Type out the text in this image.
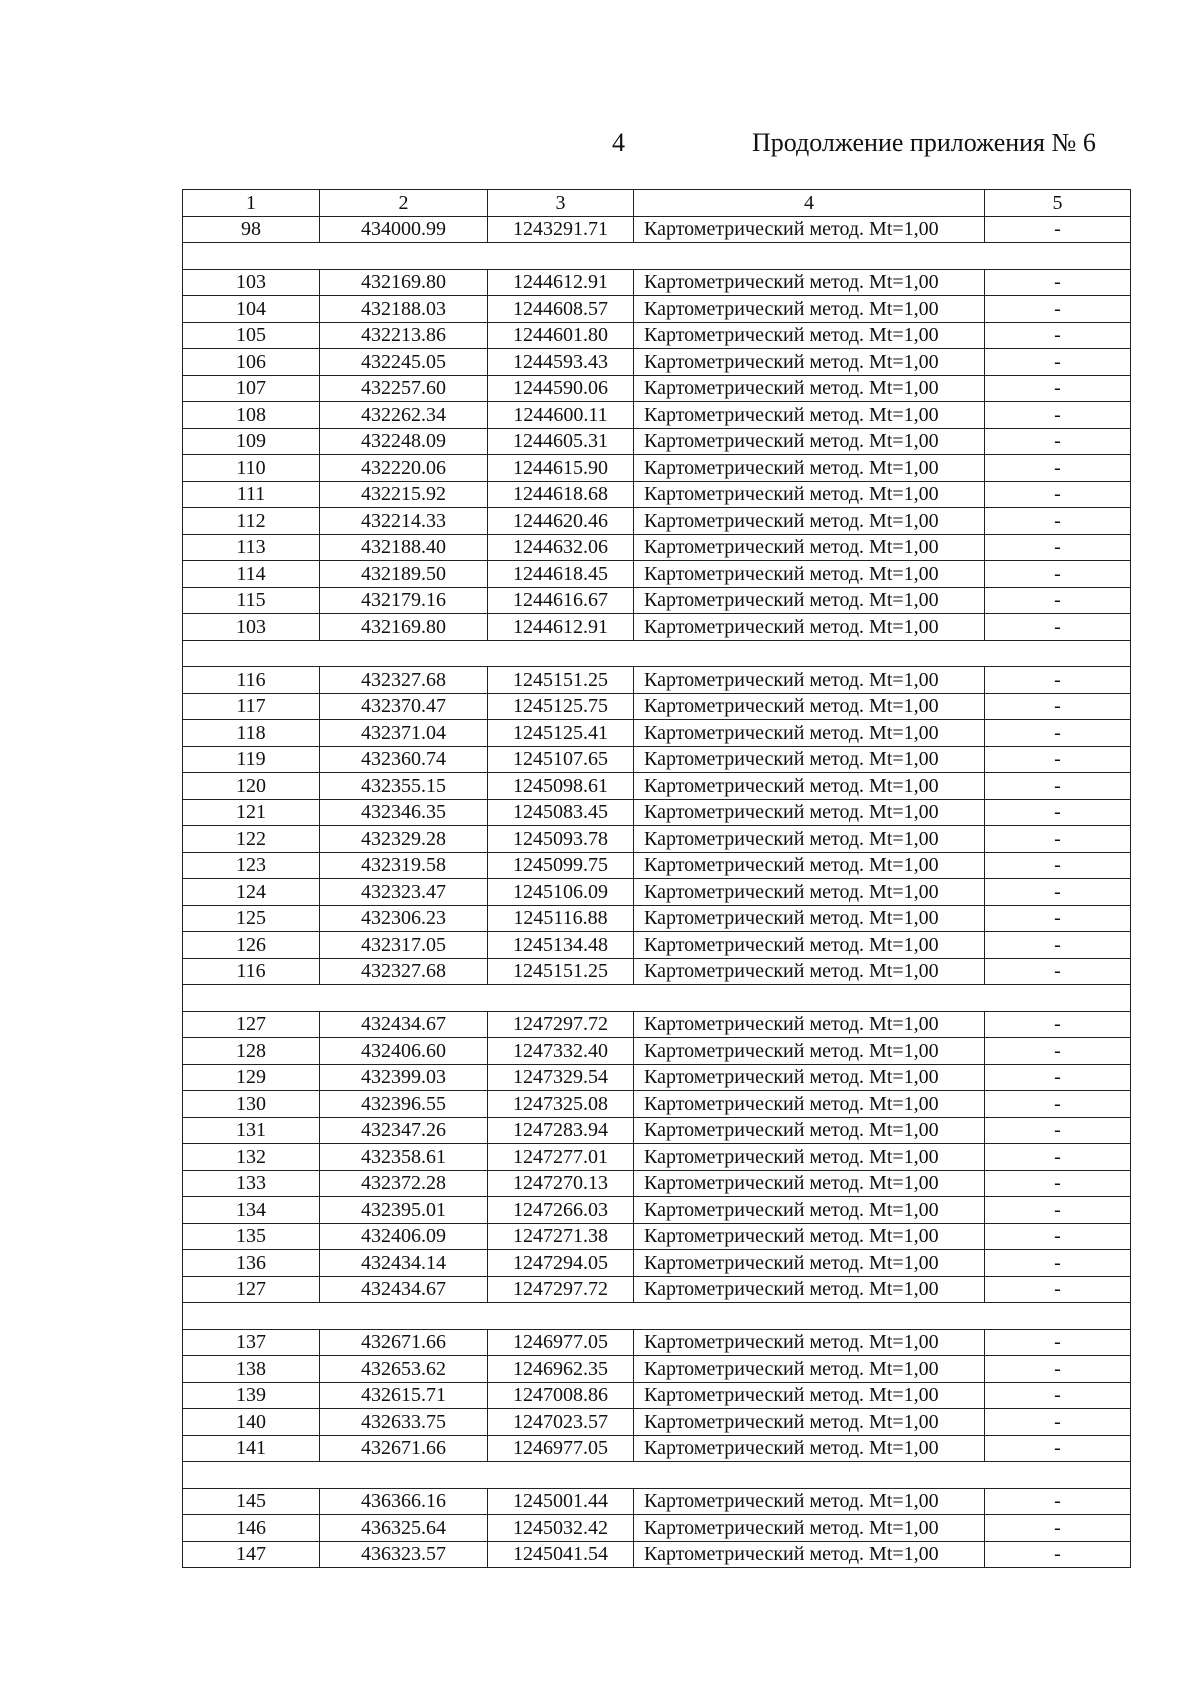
4	Продолжение приложения № 6
1	2	3	4	5
98	434000.99	1243291.71	Картометрический метод. Mt=1,00	-

103	432169.80	1244612.91	Картометрический метод. Mt=1,00	-
104	432188.03	1244608.57	Картометрический метод. Mt=1,00	-
105	432213.86	1244601.80	Картометрический метод. Mt=1,00	-
106	432245.05	1244593.43	Картометрический метод. Mt=1,00	-
107	432257.60	1244590.06	Картометрический метод. Mt=1,00	-
108	432262.34	1244600.11	Картометрический метод. Mt=1,00	-
109	432248.09	1244605.31	Картометрический метод. Mt=1,00	-
110	432220.06	1244615.90	Картометрический метод. Mt=1,00	-
111	432215.92	1244618.68	Картометрический метод. Mt=1,00	-
112	432214.33	1244620.46	Картометрический метод. Mt=1,00	-
113	432188.40	1244632.06	Картометрический метод. Mt=1,00	-
114	432189.50	1244618.45	Картометрический метод. Mt=1,00	-
115	432179.16	1244616.67	Картометрический метод. Mt=1,00	-
103	432169.80	1244612.91	Картометрический метод. Mt=1,00	-

116	432327.68	1245151.25	Картометрический метод. Mt=1,00	-
117	432370.47	1245125.75	Картометрический метод. Mt=1,00	-
118	432371.04	1245125.41	Картометрический метод. Mt=1,00	-
119	432360.74	1245107.65	Картометрический метод. Mt=1,00	-
120	432355.15	1245098.61	Картометрический метод. Mt=1,00	-
121	432346.35	1245083.45	Картометрический метод. Mt=1,00	-
122	432329.28	1245093.78	Картометрический метод. Mt=1,00	-
123	432319.58	1245099.75	Картометрический метод. Mt=1,00	-
124	432323.47	1245106.09	Картометрический метод. Mt=1,00	-
125	432306.23	1245116.88	Картометрический метод. Mt=1,00	-
126	432317.05	1245134.48	Картометрический метод. Mt=1,00	-
116	432327.68	1245151.25	Картометрический метод. Mt=1,00	-

127	432434.67	1247297.72	Картометрический метод. Mt=1,00	-
128	432406.60	1247332.40	Картометрический метод. Mt=1,00	-
129	432399.03	1247329.54	Картометрический метод. Mt=1,00	-
130	432396.55	1247325.08	Картометрический метод. Mt=1,00	-
131	432347.26	1247283.94	Картометрический метод. Mt=1,00	-
132	432358.61	1247277.01	Картометрический метод. Mt=1,00	-
133	432372.28	1247270.13	Картометрический метод. Mt=1,00	-
134	432395.01	1247266.03	Картометрический метод. Mt=1,00	-
135	432406.09	1247271.38	Картометрический метод. Mt=1,00	-
136	432434.14	1247294.05	Картометрический метод. Mt=1,00	-
127	432434.67	1247297.72	Картометрический метод. Mt=1,00	-

137	432671.66	1246977.05	Картометрический метод. Mt=1,00	-
138	432653.62	1246962.35	Картометрический метод. Mt=1,00	-
139	432615.71	1247008.86	Картометрический метод. Mt=1,00	-
140	432633.75	1247023.57	Картометрический метод. Mt=1,00	-
141	432671.66	1246977.05	Картометрический метод. Mt=1,00	-

145	436366.16	1245001.44	Картометрический метод. Mt=1,00	-
146	436325.64	1245032.42	Картометрический метод. Mt=1,00	-
147	436323.57	1245041.54	Картометрический метод. Mt=1,00	-
